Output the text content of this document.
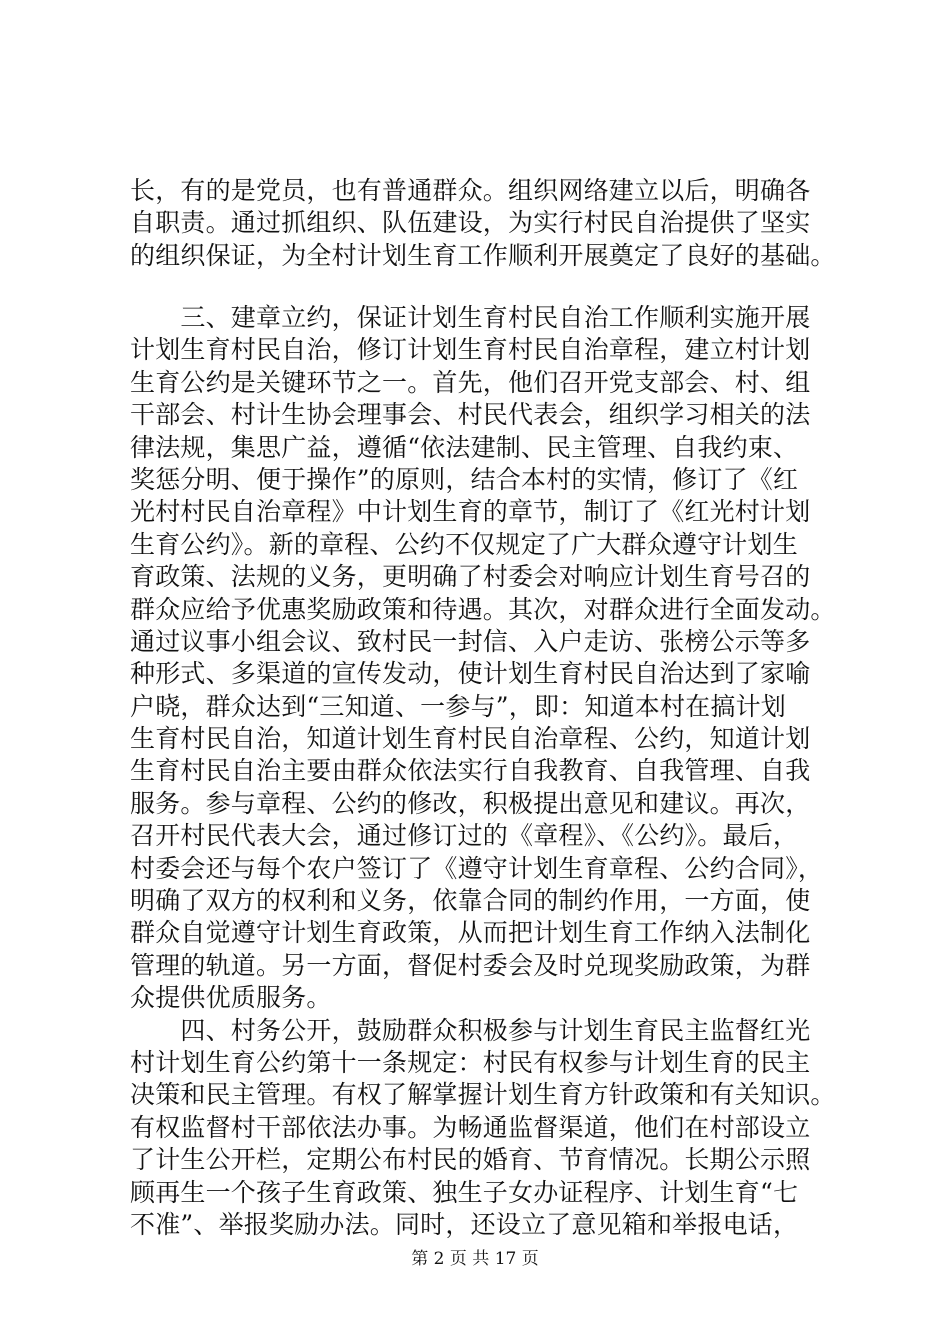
长，有的是党员，也有普通群众。组织网络建立以后，明确各
自职责。通过抓组织、队伍建设，为实行村民自治提供了坚实
的组织保证，为全村计划生育工作顺利开展奠定了良好的基础。
　　三、建章立约，保证计划生育村民自治工作顺利实施开展
计划生育村民自治，修订计划生育村民自治章程，建立村计划
生育公约是关键环节之一。首先，他们召开党支部会、村、组
干部会、村计生协会理事会、村民代表会，组织学习相关的法
律法规，集思广益，遵循“依法建制、民主管理、自我约束、
奖惩分明、便于操作”的原则，结合本村的实情，修订了《红
光村村民自治章程》中计划生育的章节，制订了《红光村计划
生育公约》。新的章程、公约不仅规定了广大群众遵守计划生
育政策、法规的义务，更明确了村委会对响应计划生育号召的
群众应给予优惠奖励政策和待遇。其次，对群众进行全面发动。
通过议事小组会议、致村民一封信、入户走访、张榜公示等多
种形式、多渠道的宣传发动，使计划生育村民自治达到了家喻
户晓，群众达到“三知道、一参与”，即：知道本村在搞计划
生育村民自治，知道计划生育村民自治章程、公约，知道计划
生育村民自治主要由群众依法实行自我教育、自我管理、自我
服务。参与章程、公约的修改，积极提出意见和建议。再次，
召开村民代表大会，通过修订过的《章程》、《公约》。最后，
村委会还与每个农户签订了《遵守计划生育章程、公约合同》，
明确了双方的权利和义务，依靠合同的制约作用，一方面，使
群众自觉遵守计划生育政策，从而把计划生育工作纳入法制化
管理的轨道。另一方面，督促村委会及时兑现奖励政策，为群
众提供优质服务。
　　四、村务公开，鼓励群众积极参与计划生育民主监督红光
村计划生育公约第十一条规定：村民有权参与计划生育的民主
决策和民主管理。有权了解掌握计划生育方针政策和有关知识。
有权监督村干部依法办事。为畅通监督渠道，他们在村部设立
了计生公开栏，定期公布村民的婚育、节育情况。长期公示照
顾再生一个孩子生育政策、独生子女办证程序、计划生育“七
不准”、举报奖励办法。同时，还设立了意见箱和举报电话，
第 2 页 共 17 页
